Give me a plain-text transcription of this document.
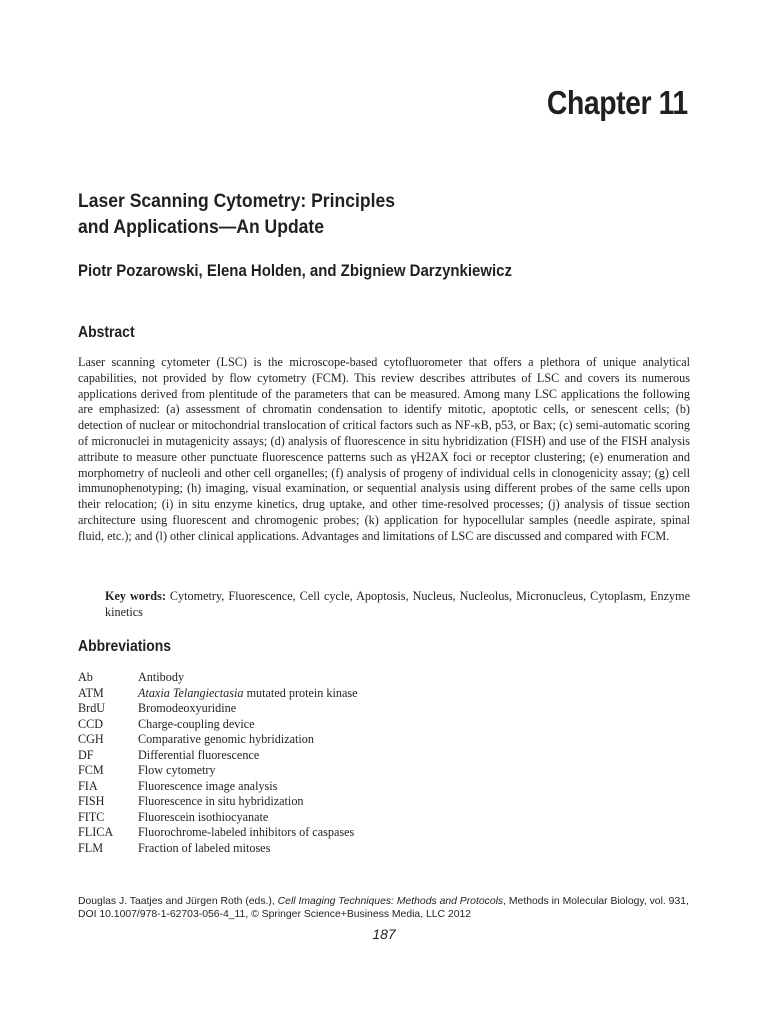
Chapter 11
Laser Scanning Cytometry: Principles
and Applications—An Update
Piotr Pozarowski, Elena Holden, and Zbigniew Darzynkiewicz
Abstract

Laser scanning cytometer (LSC) is the microscope-based cytofluorometer that offers a plethora of unique analytical capabilities, not provided by flow cytometry (FCM). This review describes attributes of LSC and covers its numerous applications derived from plentitude of the parameters that can be measured. Among many LSC applications the following are emphasized: (a) assessment of chromatin condensation to identify mitotic, apoptotic cells, or senescent cells; (b) detection of nuclear or mitochondrial translocation of critical factors such as NF-κB, p53, or Bax; (c) semi-automatic scoring of micronuclei in mutagenicity assays; (d) analysis of fluorescence in situ hybridization (FISH) and use of the FISH analysis attribute to measure other punctuate fluorescence patterns such as γH2AX foci or receptor clustering; (e) enumeration and morphometry of nucleoli and other cell organelles; (f) analysis of progeny of individual cells in clonogenicity assay; (g) cell immunophenotyping; (h) imaging, visual examination, or sequential analysis using different probes of the same cells upon their relocation; (i) in situ enzyme kinetics, drug uptake, and other time-resolved processes; (j) analysis of tissue section architecture using fluorescent and chromogenic probes; (k) application for hypocellular samples (needle aspirate, spinal fluid, etc.); and (l) other clinical applications. Advantages and limitations of LSC are discussed and compared with FCM.

Key words: Cytometry, Fluorescence, Cell cycle, Apoptosis, Nucleus, Nucleolus, Micronucleus, Cytoplasm, Enzyme kinetics

Abbreviations
Ab	Antibody
ATM	Ataxia Telangiectasia mutated protein kinase
BrdU	Bromodeoxyuridine
CCD	Charge-coupling device
CGH	Comparative genomic hybridization
DF	Differential fluorescence
FCM	Flow cytometry
FIA	Fluorescence image analysis
FISH	Fluorescence in situ hybridization
FITC	Fluorescein isothiocyanate
FLICA	Fluorochrome-labeled inhibitors of caspases
FLM	Fraction of labeled mitoses

Douglas J. Taatjes and Jürgen Roth (eds.), Cell Imaging Techniques: Methods and Protocols, Methods in Molecular Biology, vol. 931, DOI 10.1007/978-1-62703-056-4_11, © Springer Science+Business Media, LLC 2012

187
